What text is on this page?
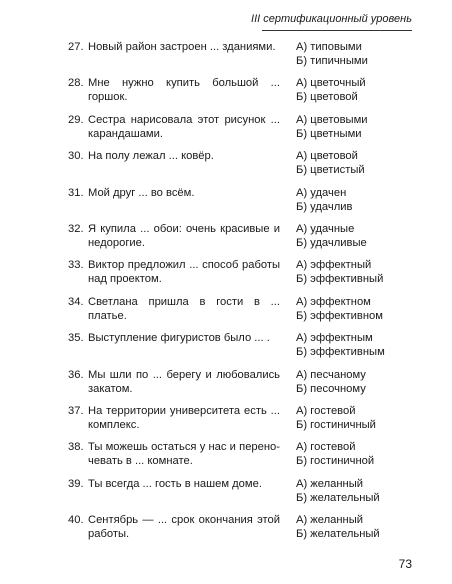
III сертификационный уровень
27. Новый район застроен ... зданиями.	А) типовыми
Б) типичными
28. Мне нужно купить большой ... горшок.
А) цветочный
Б) цветовой
29. Сестра нарисовала этот рисунок ... карандашами.
А) цветовыми
Б) цветными
30. На полу лежал ... ковёр.	А) цветовой
Б) цветистый
31. Мой друг ... во всём.	А) удачен
Б) удачлив
32. Я купила ... обои: очень красивые и недорогие.
А) удачные
Б) удачливые
33. Виктор предложил ... способ работы над проектом.
А) эффектный
Б) эффективный
34. Светлана пришла в гости в ... платье.
А) эффектном
Б) эффективном
35. Выступление фигуристов было ... .	А) эффектным
Б) эффективным
36. Мы шли по ... берегу и любовались закатом.
А) песчаному
Б) песочному
37. На территории университета есть ... комплекс.
А) гостевой
Б) гостиничный
38. Ты можешь остаться у нас и переночевать в ... комнате.
А) гостевой
Б) гостиничной
39. Ты всегда ... гость в нашем доме.	А) желанный
Б) желательный
40. Сентябрь — ... срок окончания этой работы.
А) желанный
Б) желательный
73
